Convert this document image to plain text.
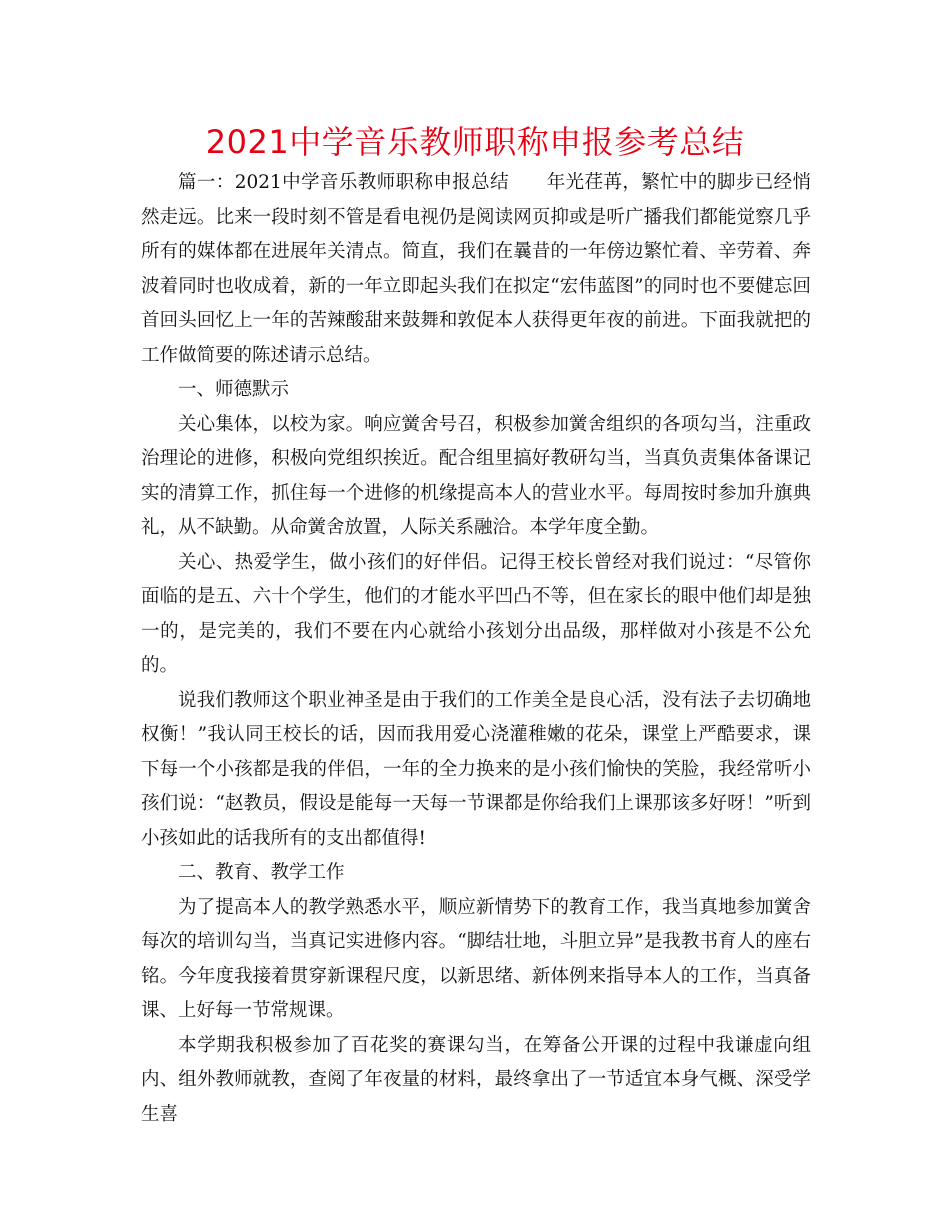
2021中学音乐教师职称申报参考总结

篇一：2021中学音乐教师职称申报总结　　年光荏苒，繁忙中的脚步已经悄然走远。比来一段时刻不管是看电视仍是阅读网页抑或是听广播我们都能觉察几乎所有的媒体都在进展年关清点。简直，我们在曩昔的一年傍边繁忙着、辛劳着、奔波着同时也收成着，新的一年立即起头我们在拟定“宏伟蓝图”的同时也不要健忘回首回头回忆上一年的苦辣酸甜来鼓舞和敦促本人获得更年夜的前进。下面我就把的工作做简要的陈述请示总结。

一、师德默示

关心集体，以校为家。响应黉舍号召，积极参加黉舍组织的各项勾当，注重政治理论的进修，积极向党组织挨近。配合组里搞好教研勾当，当真负责集体备课记实的清算工作，抓住每一个进修的机缘提高本人的营业水平。每周按时参加升旗典礼，从不缺勤。从命黉舍放置，人际关系融洽。本学年度全勤。

关心、热爱学生，做小孩们的好伴侣。记得王校长曾经对我们说过：“尽管你面临的是五、六十个学生，他们的才能水平凹凸不等，但在家长的眼中他们却是独一的，是完美的，我们不要在内心就给小孩划分出品级，那样做对小孩是不公允的。

说我们教师这个职业神圣是由于我们的工作美全是良心活，没有法子去切确地权衡！”我认同王校长的话，因而我用爱心浇灌稚嫩的花朵，课堂上严酷要求，课下每一个小孩都是我的伴侣，一年的全力换来的是小孩们愉快的笑脸，我经常听小孩们说：“赵教员，假设是能每一天每一节课都是你给我们上课那该多好呀！”听到小孩如此的话我所有的支出都值得!

二、教育、教学工作

为了提高本人的教学熟悉水平，顺应新情势下的教育工作，我当真地参加黉舍每次的培训勾当，当真记实进修内容。“脚结壮地，斗胆立异”是我教书育人的座右铭。今年度我接着贯穿新课程尺度，以新思绪、新体例来指导本人的工作，当真备课、上好每一节常规课。

本学期我积极参加了百花奖的赛课勾当，在筹备公开课的过程中我谦虚向组内、组外教师就教，查阅了年夜量的材料，最终拿出了一节适宜本身气概、深受学生喜
